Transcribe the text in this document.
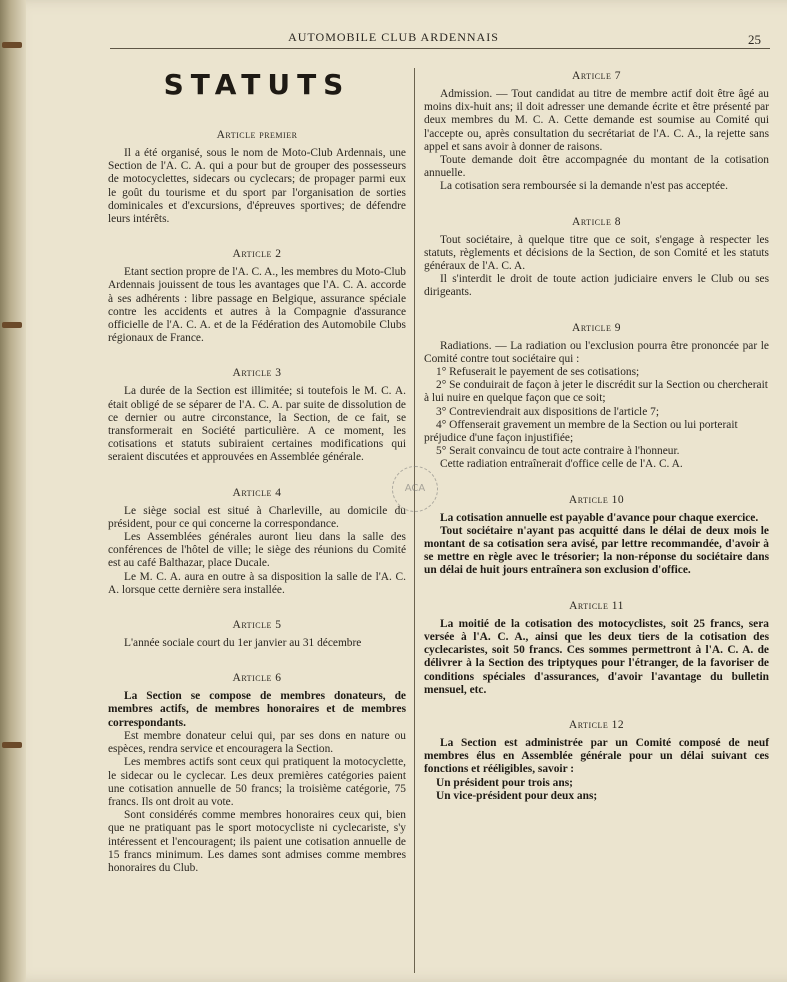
AUTOMOBILE CLUB ARDENNAIS	25
ACA
STATUTS
Article premier

Il a été organisé, sous le nom de Moto-Club Ardennais, une Section de l'A. C. A. qui a pour but de grouper des possesseurs de motocyclettes, sidecars ou cyclecars; de propager parmi eux le goût du tourisme et du sport par l'organisation de sorties dominicales et d'excursions, d'épreuves sportives; de défendre leurs intérêts.

Article 2

Etant section propre de l'A. C. A., les membres du Moto-Club Ardennais jouissent de tous les avantages que l'A. C. A. accorde à ses adhérents : libre passage en Belgique, assurance spéciale contre les accidents et autres à la Compagnie d'assurance officielle de l'A. C. A. et de la Fédération des Automobile Clubs régionaux de France.

Article 3

La durée de la Section est illimitée; si toutefois le M. C. A. était obligé de se séparer de l'A. C. A. par suite de dissolution de ce dernier ou autre circonstance, la Section, de ce fait, se transformerait en Société particulière. A ce moment, les cotisations et statuts subiraient certaines modifications qui seraient discutées et approuvées en Assemblée générale.

Article 4

Le siège social est situé à Charleville, au domicile du président, pour ce qui concerne la correspondance.

Les Assemblées générales auront lieu dans la salle des conférences de l'hôtel de ville; le siège des réunions du Comité est au café Balthazar, place Ducale.

Le M. C. A. aura en outre à sa disposition la salle de l'A. C. A. lorsque cette dernière sera installée.

Article 5

L'année sociale court du 1er janvier au 31 décembre

Article 6

La Section se compose de membres donateurs, de membres actifs, de membres honoraires et de membres correspondants.

Est membre donateur celui qui, par ses dons en nature ou espèces, rendra service et encouragera la Section.

Les membres actifs sont ceux qui pratiquent la motocyclette, le sidecar ou le cyclecar. Les deux premières catégories paient une cotisation annuelle de 50 francs; la troisième catégorie, 75 francs. Ils ont droit au vote.

Sont considérés comme membres honoraires ceux qui, bien que ne pratiquant pas le sport motocycliste ni cyclecariste, s'y intéressent et l'encouragent; ils paient une cotisation annuelle de 15 francs minimum. Les dames sont admises comme membres honoraires du Club.

Article 7

Admission. — Tout candidat au titre de membre actif doit être âgé au moins dix-huit ans; il doit adresser une demande écrite et être présenté par deux membres du M. C. A. Cette demande est soumise au Comité qui l'accepte ou, après consultation du secrétariat de l'A. C. A., la rejette sans appel et sans avoir à donner de raisons.

Toute demande doit être accompagnée du montant de la cotisation annuelle.

La cotisation sera remboursée si la demande n'est pas acceptée.

Article 8

Tout sociétaire, à quelque titre que ce soit, s'engage à respecter les statuts, règlements et décisions de la Section, de son Comité et les statuts généraux de l'A. C. A.

Il s'interdit le droit de toute action judiciaire envers le Club ou ses dirigeants.

Article 9

Radiations. — La radiation ou l'exclusion pourra être prononcée par le Comité contre tout sociétaire qui :

1° Refuserait le payement de ses cotisations;

2° Se conduirait de façon à jeter le discrédit sur la Section ou chercherait à lui nuire en quelque façon que ce soit;

3° Contreviendrait aux dispositions de l'article 7;

4° Offenserait gravement un membre de la Section ou lui porterait préjudice d'une façon injustifiée;

5° Serait convaincu de tout acte contraire à l'honneur.

Cette radiation entraînerait d'office celle de l'A. C. A.

Article 10

La cotisation annuelle est payable d'avance pour chaque exercice.

Tout sociétaire n'ayant pas acquitté dans le délai de deux mois le montant de sa cotisation sera avisé, par lettre recommandée, d'avoir à se mettre en règle avec le trésorier; la non-réponse du sociétaire dans un délai de huit jours entraînera son exclusion d'office.

Article 11

La moitié de la cotisation des motocyclistes, soit 25 francs, sera versée à l'A. C. A., ainsi que les deux tiers de la cotisation des cyclecaristes, soit 50 francs. Ces sommes permettront à l'A. C. A. de délivrer à la Section des triptyques pour l'étranger, de la favoriser de conditions spéciales d'assurances, d'avoir l'avantage du bulletin mensuel, etc.

Article 12

La Section est administrée par un Comité composé de neuf membres élus en Assemblée générale pour un délai suivant ces fonctions et rééligibles, savoir :

Un président pour trois ans;

Un vice-président pour deux ans;
